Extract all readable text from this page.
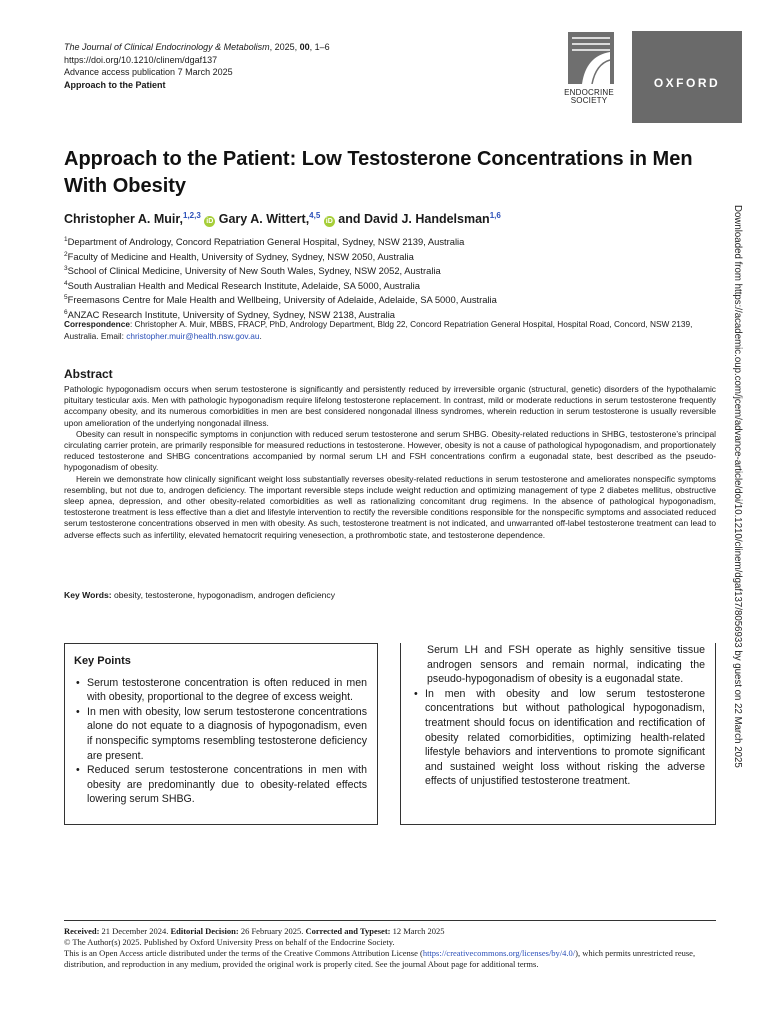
The Journal of Clinical Endocrinology & Metabolism, 2025, 00, 1–6
https://doi.org/10.1210/clinem/dgaf137
Advance access publication 7 March 2025
Approach to the Patient
ENDOCRINE
SOCIETY
OXFORD
Approach to the Patient: Low Testosterone Concentrations in Men With Obesity
Christopher A. Muir,$^{1,2,3}$ iD Gary A. Wittert,$^{4,5}$ iD and David J. Handelsman$^{1,6}$
$^1$Department of Andrology, Concord Repatriation General Hospital, Sydney, NSW 2139, Australia
$^2$Faculty of Medicine and Health, University of Sydney, Sydney, NSW 2050, Australia
$^3$School of Clinical Medicine, University of New South Wales, Sydney, NSW 2052, Australia
$^4$South Australian Health and Medical Research Institute, Adelaide, SA 5000, Australia
$^5$Freemasons Centre for Male Health and Wellbeing, University of Adelaide, Adelaide, SA 5000, Australia
$^6$ANZAC Research Institute, University of Sydney, Sydney, NSW 2138, Australia
Correspondence: Christopher A. Muir, MBBS, FRACP, PhD, Andrology Department, Bldg 22, Concord Repatriation General Hospital, Hospital Road, Concord, NSW 2139, Australia. Email: christopher.muir@health.nsw.gov.au.
Abstract

Pathologic hypogonadism occurs when serum testosterone is significantly and persistently reduced by irreversible organic (structural, genetic) disorders of the hypothalamic pituitary testicular axis. Men with pathologic hypogonadism require lifelong testosterone replacement. In contrast, mild or moderate reductions in serum testosterone frequently accompany obesity, and its numerous comorbidities in men are best considered nongonadal illness syndromes, wherein reduction in serum testosterone is usually reversible upon amelioration of the underlying nongonadal illness.

Obesity can result in nonspecific symptoms in conjunction with reduced serum testosterone and serum SHBG. Obesity-related reductions in SHBG, testosterone’s principal circulating carrier protein, are primarily responsible for measured reductions in testosterone. However, obesity is not a cause of pathological hypogonadism, and proportionately reduced testosterone and SHBG concentrations accompanied by normal serum LH and FSH concentrations confirm a eugonadal state, best described as the pseudo-hypogonadism of obesity.

Herein we demonstrate how clinically significant weight loss substantially reverses obesity-related reductions in serum testosterone and ameliorates nonspecific symptoms resembling, but not due to, androgen deficiency. The important reversible steps include weight reduction and optimizing management of type 2 diabetes mellitus, obstructive sleep apnea, depression, and other obesity-related comorbidities as well as rationalizing concomitant drug regimens. In the absence of pathological hypogonadism, testosterone treatment is less effective than a diet and lifestyle intervention to rectify the reversible conditions responsible for the nonspecific symptoms and associated reduced serum testosterone concentrations observed in men with obesity. As such, testosterone treatment is not indicated, and unwarranted off-label testosterone treatment can lead to adverse effects such as infertility, elevated hematocrit requiring venesection, a prothrombotic state, and testosterone dependence.

Key Words: obesity, testosterone, hypogonadism, androgen deficiency
Key Points
• Serum testosterone concentration is often reduced in men with obesity, proportional to the degree of excess weight.
• In men with obesity, low serum testosterone concentrations alone do not equate to a diagnosis of hypogonadism, even if nonspecific symptoms resembling testosterone deficiency are present.
• Reduced serum testosterone concentrations in men with obesity are predominantly due to obesity-related effects lowering serum SHBG.

Serum LH and FSH operate as highly sensitive tissue androgen sensors and remain normal, indicating the pseudo-hypogonadism of obesity is a eugonadal state.

• In men with obesity and low serum testosterone concentrations but without pathological hypogonadism, treatment should focus on identification and rectification of obesity related comorbidities, optimizing health-related lifestyle behaviors and interventions to promote significant and sustained weight loss without risking the adverse effects of unjustified testosterone treatment.
Downloaded from https://academic.oup.com/jcem/advance-article/doi/10.1210/clinem/dgaf137/8056933 by guest on 22 March 2025
Received: 21 December 2024. Editorial Decision: 26 February 2025. Corrected and Typeset: 12 March 2025
© The Author(s) 2025. Published by Oxford University Press on behalf of the Endocrine Society.
This is an Open Access article distributed under the terms of the Creative Commons Attribution License (https://creativecommons.org/licenses/by/4.0/), which permits unrestricted reuse, distribution, and reproduction in any medium, provided the original work is properly cited. See the journal About page for additional terms.
